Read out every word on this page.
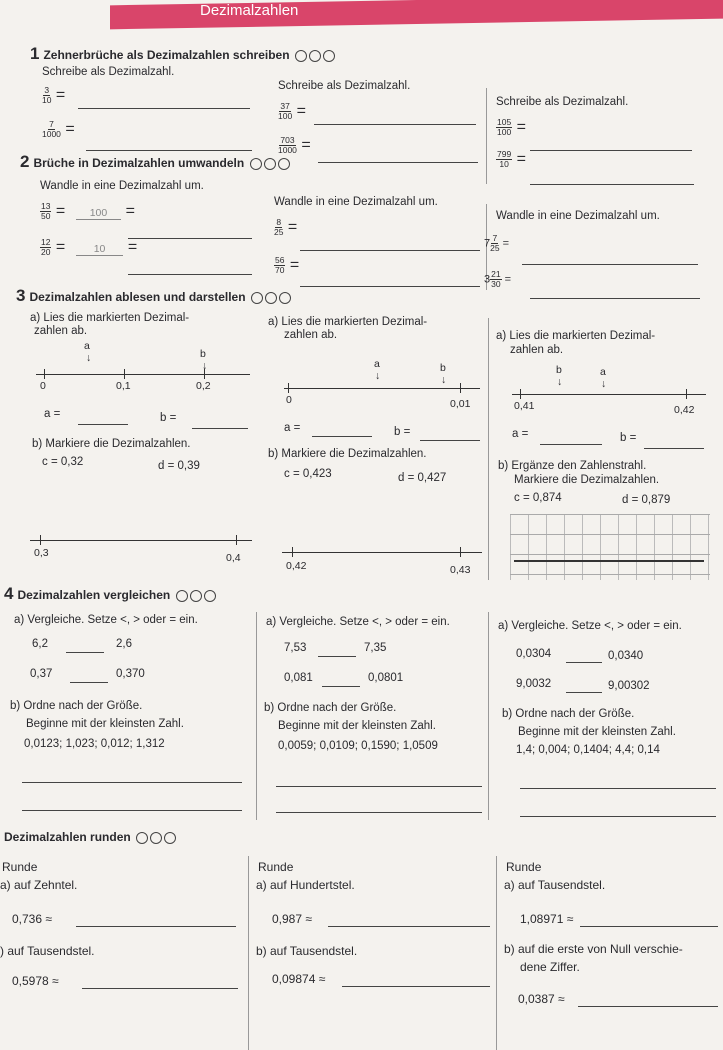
Dezimalzahlen
1 Zehnerbrüche als Dezimalzahlen schreiben
Schreibe als Dezimalzahl.
$\frac{3}{10}$ =
$\frac{7}{1000}$ =
Schreibe als Dezimalzahl.
$\frac{37}{100}$ =
$\frac{703}{1000}$ =
Schreibe als Dezimalzahl.
$\frac{105}{100}$ =
$\frac{799}{10}$ =
2 Brüche in Dezimalzahlen umwandeln
Wandle in eine Dezimalzahl um.
$\frac{13}{50} = 100$ =
$\frac{12}{20} = 10$ =
Wandle in eine Dezimalzahl um.
$\frac{8}{25}$ =
$\frac{56}{70}$ =
Wandle in eine Dezimalzahl um.
$7 \frac{7}{25}$ =
$3 \frac{21}{30}$ =
3 Dezimalzahlen ablesen und darstellen
a) Lies die markierten Dezimal-
zahlen ab.
a
↓	b
↓
0	0,1	0,2
a =	b =
b) Markiere die Dezimalzahlen.
c = 0,32	d = 0,39
0,3	0,4
a) Lies die markierten Dezimal-
zahlen ab.
a
↓
b
↓
0	0,01
a =	b =
b) Markiere die Dezimalzahlen.
c = 0,423	d = 0,427
0,42	0,43
a) Lies die markierten Dezimal-
zahlen ab.
b
↓
a
↓
0,41	0,42
a =	b =
b) Ergänze den Zahlenstrahl.
Markiere die Dezimalzahlen.
c = 0,874	d = 0,879
4 Dezimalzahlen vergleichen
a) Vergleiche. Setze <, > oder = ein.
6,2	2,6
0,37	0,370
b) Ordne nach der Größe.
Beginne mit der kleinsten Zahl.
0,0123; 1,023; 0,012; 1,312
a) Vergleiche. Setze <, > oder = ein.
7,53	7,35
0,081	0,0801
b) Ordne nach der Größe.
Beginne mit der kleinsten Zahl.
0,0059; 0,0109; 0,1590; 1,0509
a) Vergleiche. Setze <, > oder = ein.
0,0304	0,0340
9,0032	9,00302
b) Ordne nach der Größe.
Beginne mit der kleinsten Zahl.
1,4; 0,004; 0,1404; 4,4; 0,14
Dezimalzahlen runden
Runde
a) auf Zehntel.
0,736 ≈
) auf Tausendstel.
0,5978 ≈
Runde
a) auf Hundertstel.
0,987 ≈
b) auf Tausendstel.
0,09874 ≈
Runde
a) auf Tausendstel.
1,08971 ≈
b) auf die erste von Null verschie-
dene Ziffer.
0,0387 ≈
